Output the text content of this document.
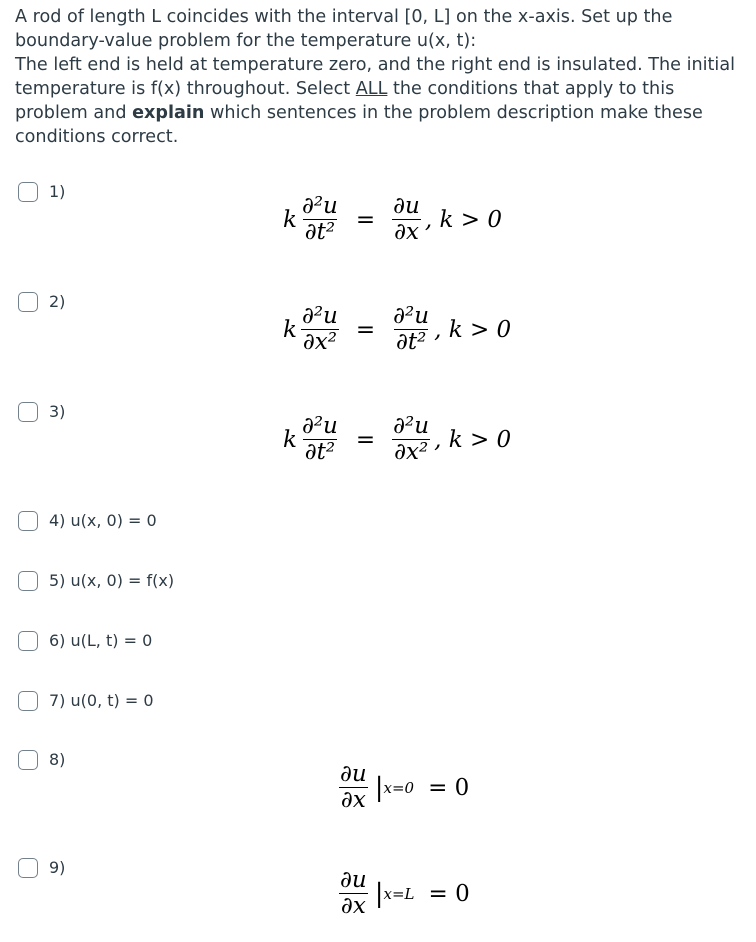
A rod of length L coincides with the interval [0, L] on the x-axis. Set up the boundary-value problem for the temperature u(x, t):

The left end is held at temperature zero, and the right end is insulated. The initial temperature is f(x) throughout. Select ALL the conditions that apply to this problem and explain which sentences in the problem description make these conditions correct.

1)
k $\frac{\text{∂²u}}{\text{∂t²}} = \frac{\partial u}{\partial x}$ , k > 0
2)
k $\frac{\text{∂²u}}{\text{∂x²}} = \frac{\text{∂²u}}{\text{∂t²}}$ , k > 0
3)
k $\frac{\text{∂²u}}{\text{∂t²}} = \frac{\text{∂²u}}{\text{∂x²}}$ , k > 0
4) u(x, 0) = 0
5) u(x, 0) = f(x)
6) u(L, t) = 0
7) u(0, t) = 0
8)
$\frac{\partial u}{\partial x}$ | x=0 = 0
9)
$\frac{\partial u}{\partial x}$ | x=L = 0
